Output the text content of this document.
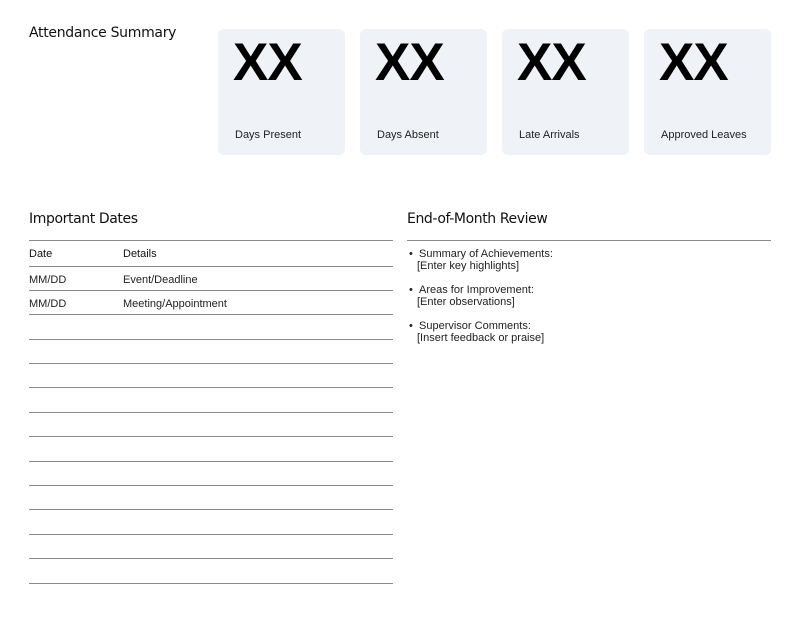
Attendance Summary XX
Days Present
XX
Days Absent
XX
Late Arrivals
XX
Approved Leaves
Important Dates
Date	Details
MM/DD	Event/Deadline
MM/DD	Meeting/Appointment
End-of-Month Review
• Summary of Achievements:
[Enter key highlights]
• Areas for Improvement:
[Enter observations]
• Supervisor Comments:
[Insert feedback or praise]
